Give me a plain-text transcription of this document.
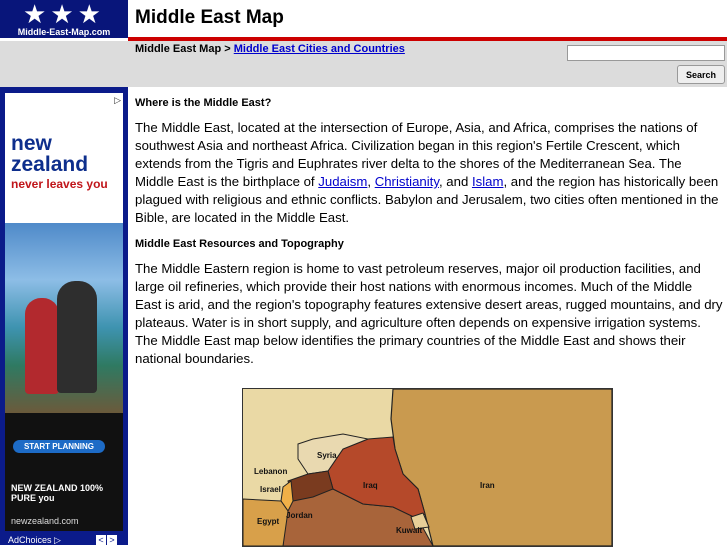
★★★
Middle-East-Map.com
Middle East Map
Middle East Map > Middle East Cities and Countries
Search
▷
new
zealand
never leaves you
START PLANNING
NEW ZEALAND 100% PURE you
newzealand.com
AdChoices ▷	< >
Where is the Middle East?

The Middle East, located at the intersection of Europe, Asia, and Africa, comprises the nations of
southwest Asia and northeast Africa. Civilization began in this region's Fertile Crescent, which
extends from the Tigris and Euphrates river delta to the shores of the Mediterranean Sea. The
Middle East is the birthplace of Judaism, Christianity, and Islam, and the region has historically been
plagued with religious and ethnic conflicts. Babylon and Jerusalem, two cities often mentioned in the
Bible, are located in the Middle East.

Middle East Resources and Topography

The Middle Eastern region is home to vast petroleum reserves, major oil production facilities, and
large oil refineries, which provide their host nations with enormous incomes. Much of the Middle
East is arid, and the region's topography features extensive desert areas, rugged mountains, and dry
plateaus. Water is in short supply, and agriculture often depends on expensive irrigation systems.
The Middle East map below identifies the primary countries of the Middle East and shows their
national boundaries.

Syria
Lebanon
Israel	Iraq	Iran
Jordan
Egypt
Kuwait
